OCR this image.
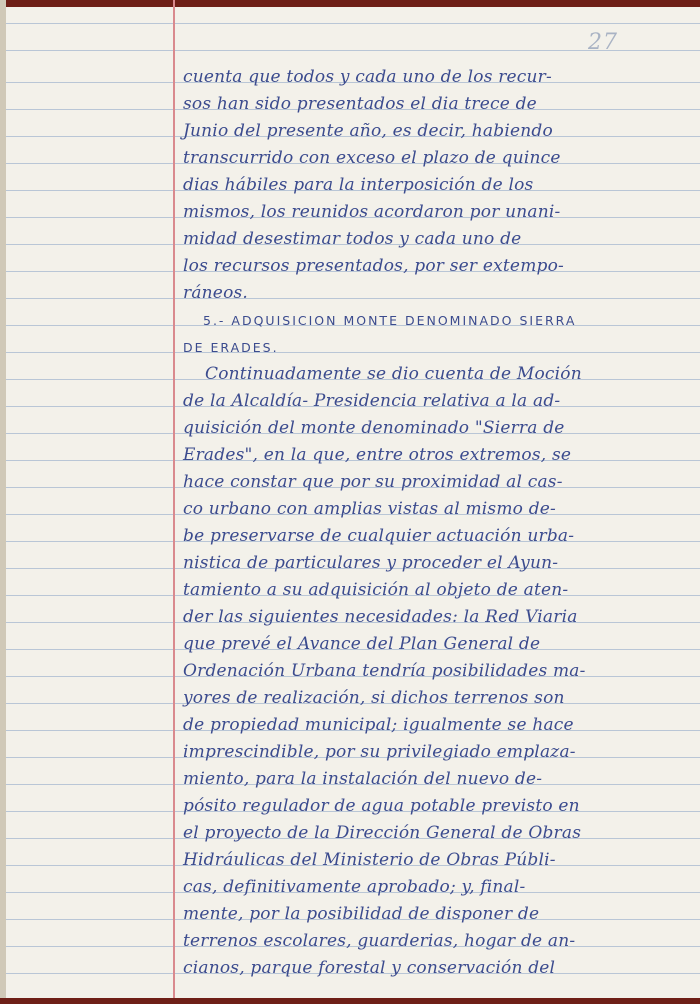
27
cuenta que todos y cada uno de los recur-
sos han sido presentados el dia trece de
Junio del presente año, es decir, habiendo
transcurrido con exceso el plazo de quince
dias hábiles para la interposición de los
mismos, los reunidos acordaron por unani-
midad desestimar todos y cada uno de
los recursos presentados, por ser extempo-
ráneos.
5.- ADQUISICION MONTE DENOMINADO SIERRA
DE ERADES.
Continuadamente se dio cuenta de Moción
de la Alcaldía- Presidencia relativa a la ad-
quisición del monte denominado "Sierra de
Erades", en la que, entre otros extremos, se
hace constar que por su proximidad al cas-
co urbano con amplias vistas al mismo de-
be preservarse de cualquier actuación urba-
nistica de particulares y proceder el Ayun-
tamiento a su adquisición al objeto de aten-
der las siguientes necesidades: la Red Viaria
que prevé el Avance del Plan General de
Ordenación Urbana tendría posibilidades ma-
yores de realización, si dichos terrenos son
de propiedad municipal; igualmente se hace
imprescindible, por su privilegiado emplaza-
miento, para la instalación del nuevo de-
pósito regulador de agua potable previsto en
el proyecto de la Dirección General de Obras
Hidráulicas del Ministerio de Obras Públi-
cas, definitivamente aprobado; y, final-
mente, por la posibilidad de disponer de
terrenos escolares, guarderias, hogar de an-
cianos, parque forestal y conservación del
